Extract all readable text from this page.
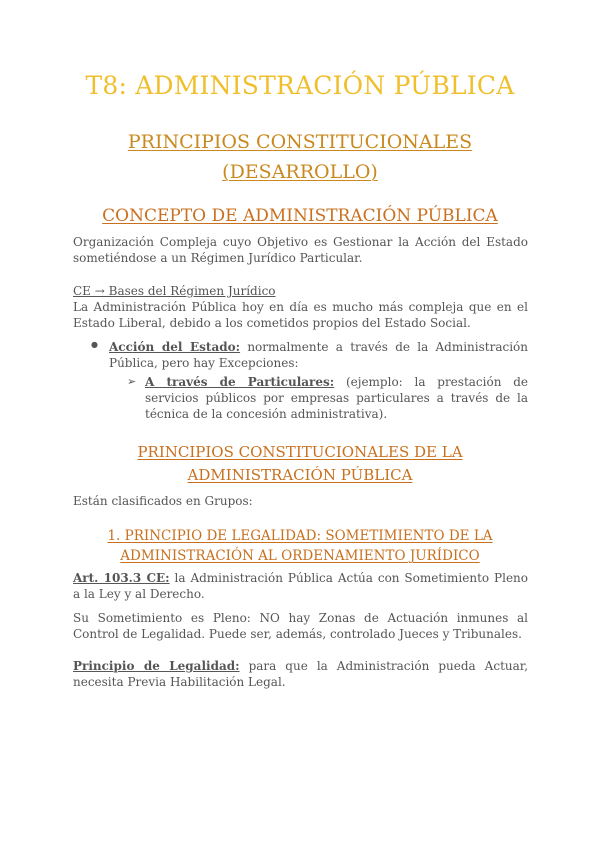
T8: ADMINISTRACIÓN PÚBLICA
PRINCIPIOS CONSTITUCIONALES
(DESARROLLO)
CONCEPTO DE ADMINISTRACIÓN PÚBLICA
Organización Compleja cuyo Objetivo es Gestionar la Acción del Estado sometiéndose a un Régimen Jurídico Particular.
CE → Bases del Régimen Jurídico
La Administración Pública hoy en día es mucho más compleja que en el Estado Liberal, debido a los cometidos propios del Estado Social.
● Acción del Estado: normalmente a través de la Administración Pública, pero hay Excepciones:
➢ A través de Particulares: (ejemplo: la prestación de servicios públicos por empresas particulares a través de la técnica de la concesión administrativa).
PRINCIPIOS CONSTITUCIONALES DE LA
ADMINISTRACIÓN PÚBLICA
Están clasificados en Grupos:
1. PRINCIPIO DE LEGALIDAD: SOMETIMIENTO DE LA
ADMINISTRACIÓN AL ORDENAMIENTO JURÍDICO
Art. 103.3 CE: la Administración Pública Actúa con Sometimiento Pleno a la Ley y al Derecho.
Su Sometimiento es Pleno: NO hay Zonas de Actuación inmunes al Control de Legalidad. Puede ser, además, controlado Jueces y Tribunales.
Principio de Legalidad: para que la Administración pueda Actuar, necesita Previa Habilitación Legal.
